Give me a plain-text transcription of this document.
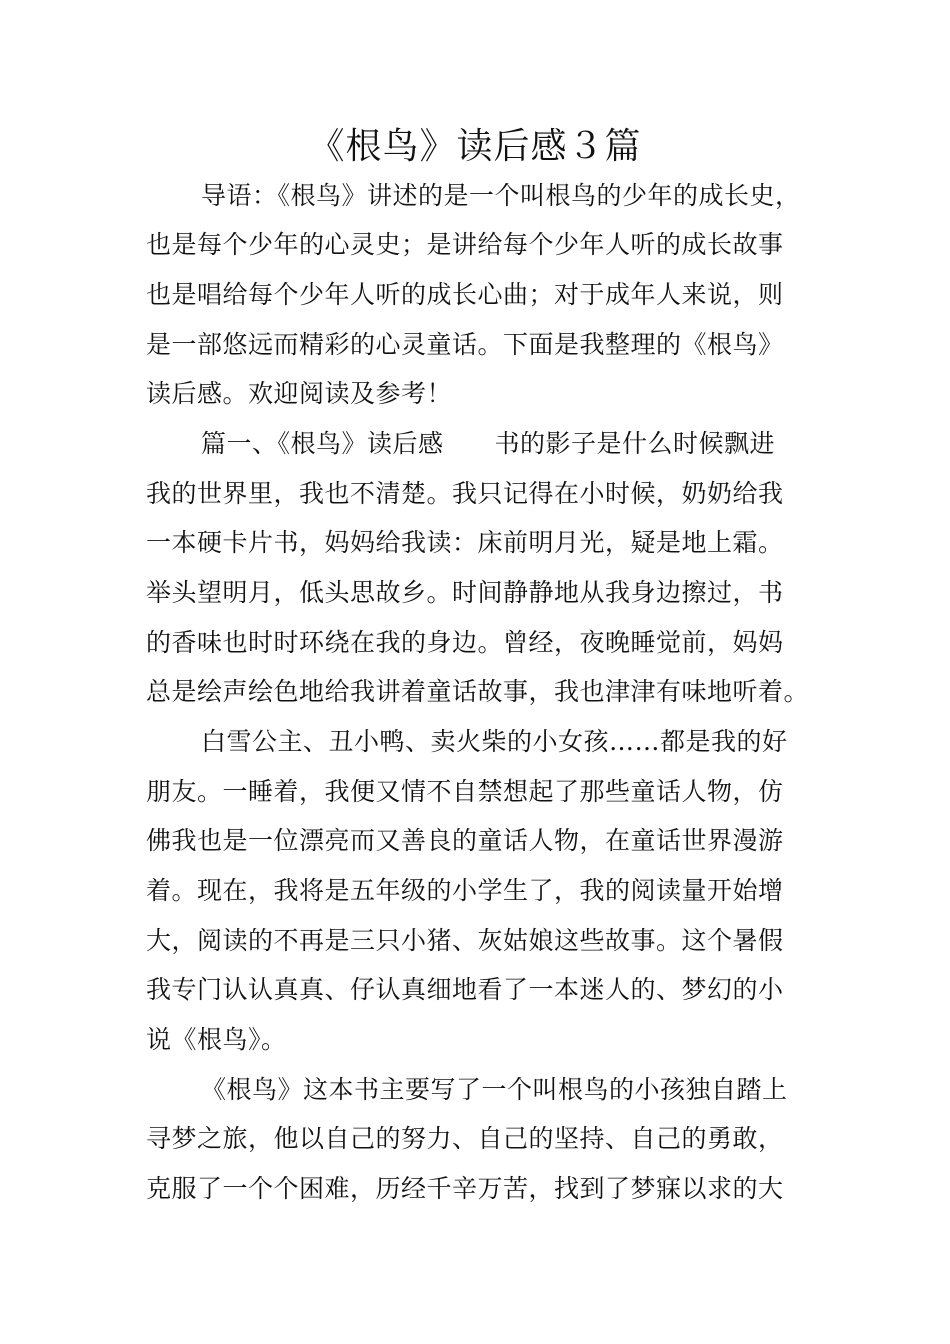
《根鸟》读后感３篇
导语：《根鸟》讲述的是一个叫根鸟的少年的成长史，
也是每个少年的心灵史；是讲给每个少年人听的成长故事
也是唱给每个少年人听的成长心曲；对于成年人来说，则
是一部悠远而精彩的心灵童话。下面是我整理的《根鸟》
读后感。欢迎阅读及参考！
篇一、《根鸟》读后感　　书的影子是什么时候飘进
我的世界里，我也不清楚。我只记得在小时候，奶奶给我
一本硬卡片书，妈妈给我读：床前明月光，疑是地上霜。
举头望明月，低头思故乡。时间静静地从我身边擦过，书
的香味也时时环绕在我的身边。曾经，夜晚睡觉前，妈妈
总是绘声绘色地给我讲着童话故事，我也津津有味地听着。
白雪公主、丑小鸭、卖火柴的小女孩……都是我的好
朋友。一睡着，我便又情不自禁想起了那些童话人物，仿
佛我也是一位漂亮而又善良的童话人物，在童话世界漫游
着。现在，我将是五年级的小学生了，我的阅读量开始增
大，阅读的不再是三只小猪、灰姑娘这些故事。这个暑假
我专门认认真真、仔认真细地看了一本迷人的、梦幻的小
说《根鸟》。
《根鸟》这本书主要写了一个叫根鸟的小孩独自踏上
寻梦之旅，他以自己的努力、自己的坚持、自己的勇敢，
克服了一个个困难，历经千辛万苦，找到了梦寐以求的大
